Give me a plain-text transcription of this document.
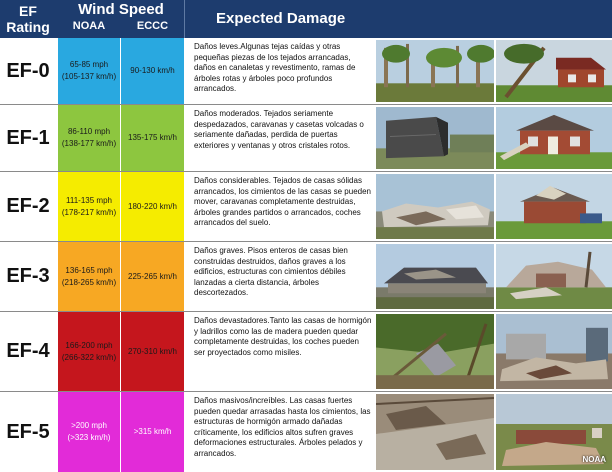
EF Rating
Wind Speed
NOAA	ECCC	Expected Damage
EF-0	65-85 mph
(105-137 km/h)
90-130 km/h
Daños leves.Algunas tejas caídas y otras pequeñas piezas de los tejados arrancadas, daños en canaletas y revestimento, ramas de árboles rotas y árboles poco profundos arrancados.
EF-1	86-110 mph
(138-177 km/h)
135-175 km/h
Daños moderados. Tejados seriamente despedazados, caravanas y casetas volcadas o seriamente dañadas, perdida de puertas exteriores y ventanas y otros cristales rotos.
EF-2	111-135 mph
(178-217 km/h)
180-220 km/h
Daños considerables. Tejados de casas sólidas arrancados, los cimientos de las casas se pueden mover, caravanas completamente destruidas, árboles grandes partidos o arrancados, coches arrancados del suelo.
EF-3	136-165 mph
(218-265 km/h)
225-265 km/h
Daños graves. Pisos enteros de casas bien construidas destruidos, daños graves a los edificios, estructuras con cimientos débiles lanzadas a cierta distancia, árboles descortezados.
EF-4	166-200 mph
(266-322 km/h)
270-310 km/h
Daños devastadores.Tanto las casas de hormigón y ladrillos como las de madera pueden quedar completamente destruidas, los coches pueden ser proyectados como misiles.
EF-5	>200 mph
(>323 km/h)
>315 km/h
Daños masivos/increíbles. Las casas fuertes pueden quedar arrasadas hasta los cimientos, las estructuras de hormigón armado dañadas críticamente, los edificios altos sufren graves deformaciones estructurales. Árboles pelados y arrancados.
NOAA
